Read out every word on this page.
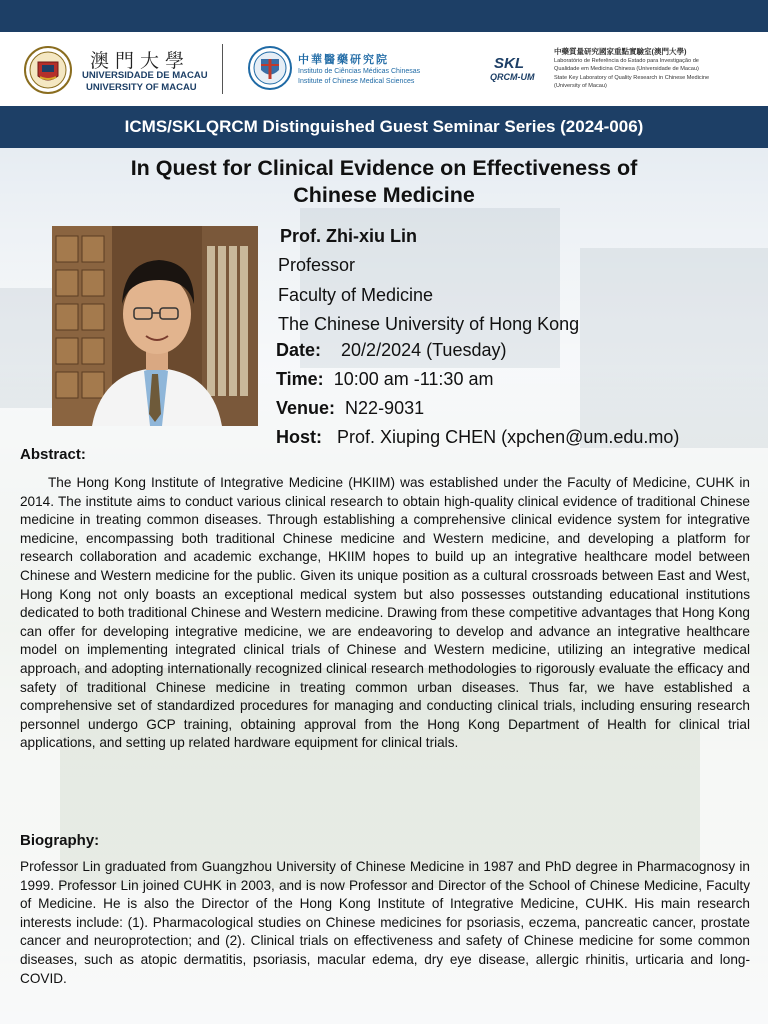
澳門大學
UNIVERSIDADE DE MACAU
UNIVERSITY OF MACAU
中華醫藥研究院
Instituto de Ciências Médicas Chinesas
Institute of Chinese Medical Sciences
SKL
QRCM-UM
中藥質量研究國家重點實驗室(澳門大學)
Laboratório de Referência do Estado para Investigação de
Qualidade em Medicina Chinesa (Universidade de Macau)
State Key Laboratory of Quality Research in Chinese Medicine
(University of Macau)
ICMS/SKLQRCM Distinguished Guest Seminar Series (2024-006)
In Quest for Clinical Evidence on Effectiveness of
Chinese Medicine
Prof. Zhi-xiu Lin
Professor
Faculty of Medicine
The Chinese University of Hong Kong
Date: 20/2/2024 (Tuesday)
Time: 10:00 am -11:30 am
Venue: N22-9031
Host: Prof. Xiuping CHEN (xpchen@um.edu.mo)
Abstract:
The Hong Kong Institute of Integrative Medicine (HKIIM) was established under the Faculty of Medicine, CUHK in 2014. The institute aims to conduct various clinical research to obtain high-quality clinical evidence of traditional Chinese medicine in treating common diseases. Through establishing a comprehensive clinical evidence system for integrative medicine, encompassing both traditional Chinese medicine and Western medicine, and developing a platform for research collaboration and academic exchange, HKIIM hopes to build up an integrative healthcare model between Chinese and Western medicine for the public. Given its unique position as a cultural crossroads between East and West, Hong Kong not only boasts an exceptional medical system but also possesses outstanding educational institutions dedicated to both traditional Chinese and Western medicine. Drawing from these competitive advantages that Hong Kong can offer for developing integrative medicine, we are endeavoring to develop and advance an integrative healthcare model on implementing integrated clinical trials of Chinese and Western medicine, utilizing an integrative medical approach, and adopting internationally recognized clinical research methodologies to rigorously evaluate the efficacy and safety of traditional Chinese medicine in treating common urban diseases. Thus far, we have established a comprehensive set of standardized procedures for managing and conducting clinical trials, including ensuring research personnel undergo GCP training, obtaining approval from the Hong Kong Department of Health for clinical trial applications, and setting up related hardware equipment for clinical trials.
Biography:
Professor Lin graduated from Guangzhou University of Chinese Medicine in 1987 and PhD degree in Pharmacognosy in 1999. Professor Lin joined CUHK in 2003, and is now Professor and Director of the School of Chinese Medicine, Faculty of Medicine. He is also the Director of the Hong Kong Institute of Integrative Medicine, CUHK. His main research interests include: (1). Pharmacological studies on Chinese medicines for psoriasis, eczema, pancreatic cancer, prostate cancer and neuroprotection; and (2). Clinical trials on effectiveness and safety of Chinese medicine for some common diseases, such as atopic dermatitis, psoriasis, macular edema, dry eye disease, allergic rhinitis, urticaria and long-COVID.
